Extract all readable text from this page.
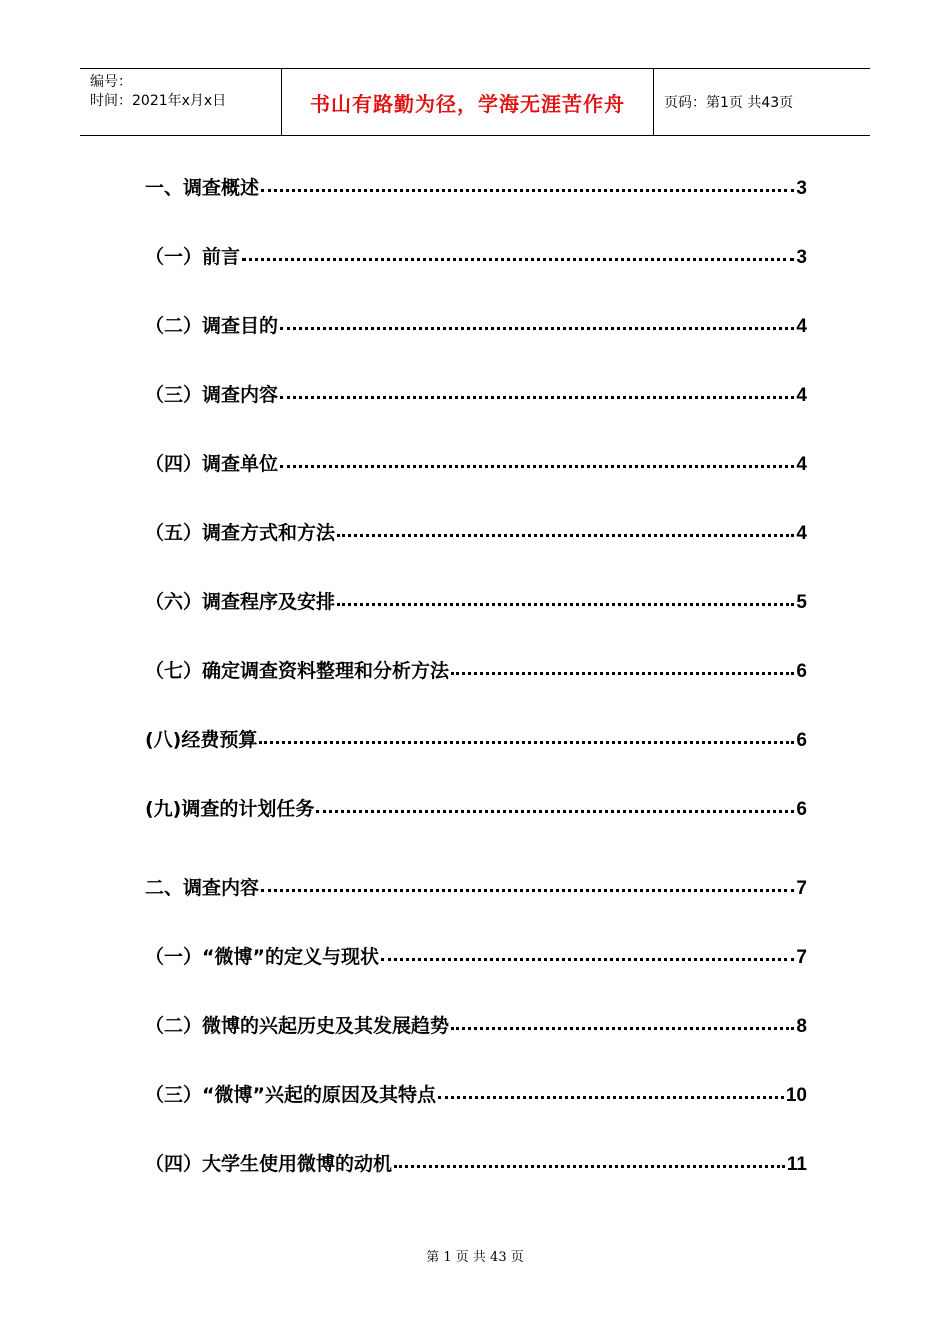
编号：
时间：2021年x月x日	书山有路勤为径，学海无涯苦作舟	页码：第1页 共43页
一、调查概述	3
（一）前言	3
（二）调查目的	4
（三）调查内容	4
（四）调查单位	4
（五）调查方式和方法	4
（六）调查程序及安排	5
（七）确定调查资料整理和分析方法	6
(八)经费预算	6
(九)调查的计划任务	6
二、调查内容	7
（一）“微博”的定义与现状	7
（二）微博的兴起历史及其发展趋势	8
（三）“微博”兴起的原因及其特点	10
（四）大学生使用微博的动机	11
第 1 页 共 43 页
